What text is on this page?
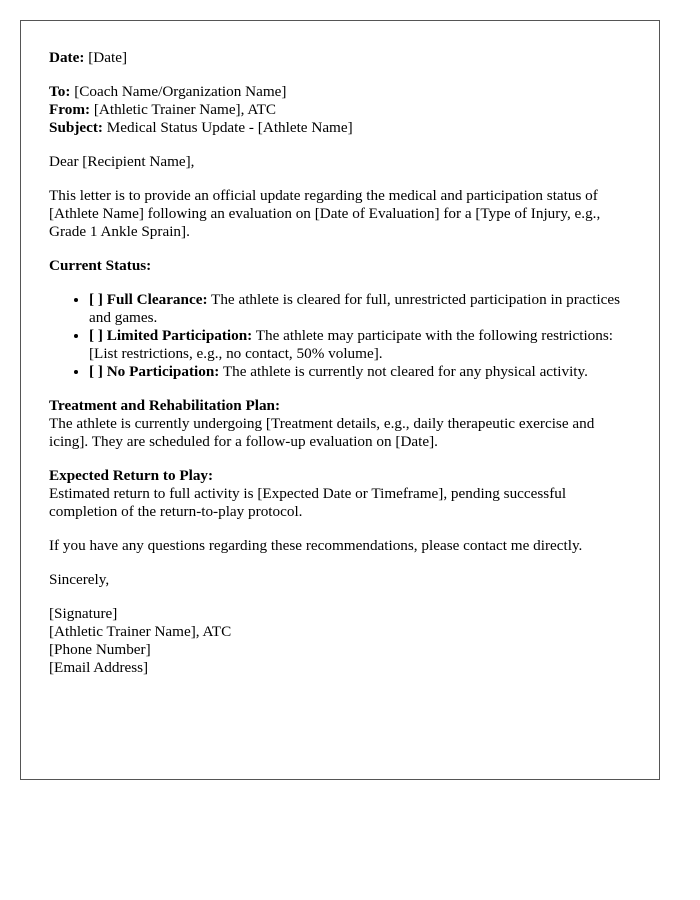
Date: [Date]

To: [Coach Name/Organization Name]
From: [Athletic Trainer Name], ATC
Subject: Medical Status Update - [Athlete Name]

Dear [Recipient Name],

This letter is to provide an official update regarding the medical and participation status of [Athlete Name] following an evaluation on [Date of Evaluation] for a [Type of Injury, e.g., Grade 1 Ankle Sprain].

Current Status:

• [ ] Full Clearance: The athlete is cleared for full, unrestricted participation in practices and games.
• [ ] Limited Participation: The athlete may participate with the following restrictions: [List restrictions, e.g., no contact, 50% volume].
• [ ] No Participation: The athlete is currently not cleared for any physical activity.

Treatment and Rehabilitation Plan:
The athlete is currently undergoing [Treatment details, e.g., daily therapeutic exercise and icing]. They are scheduled for a follow-up evaluation on [Date].

Expected Return to Play:
Estimated return to full activity is [Expected Date or Timeframe], pending successful completion of the return-to-play protocol.

If you have any questions regarding these recommendations, please contact me directly.

Sincerely,

[Signature]
[Athletic Trainer Name], ATC
[Phone Number]
[Email Address]
